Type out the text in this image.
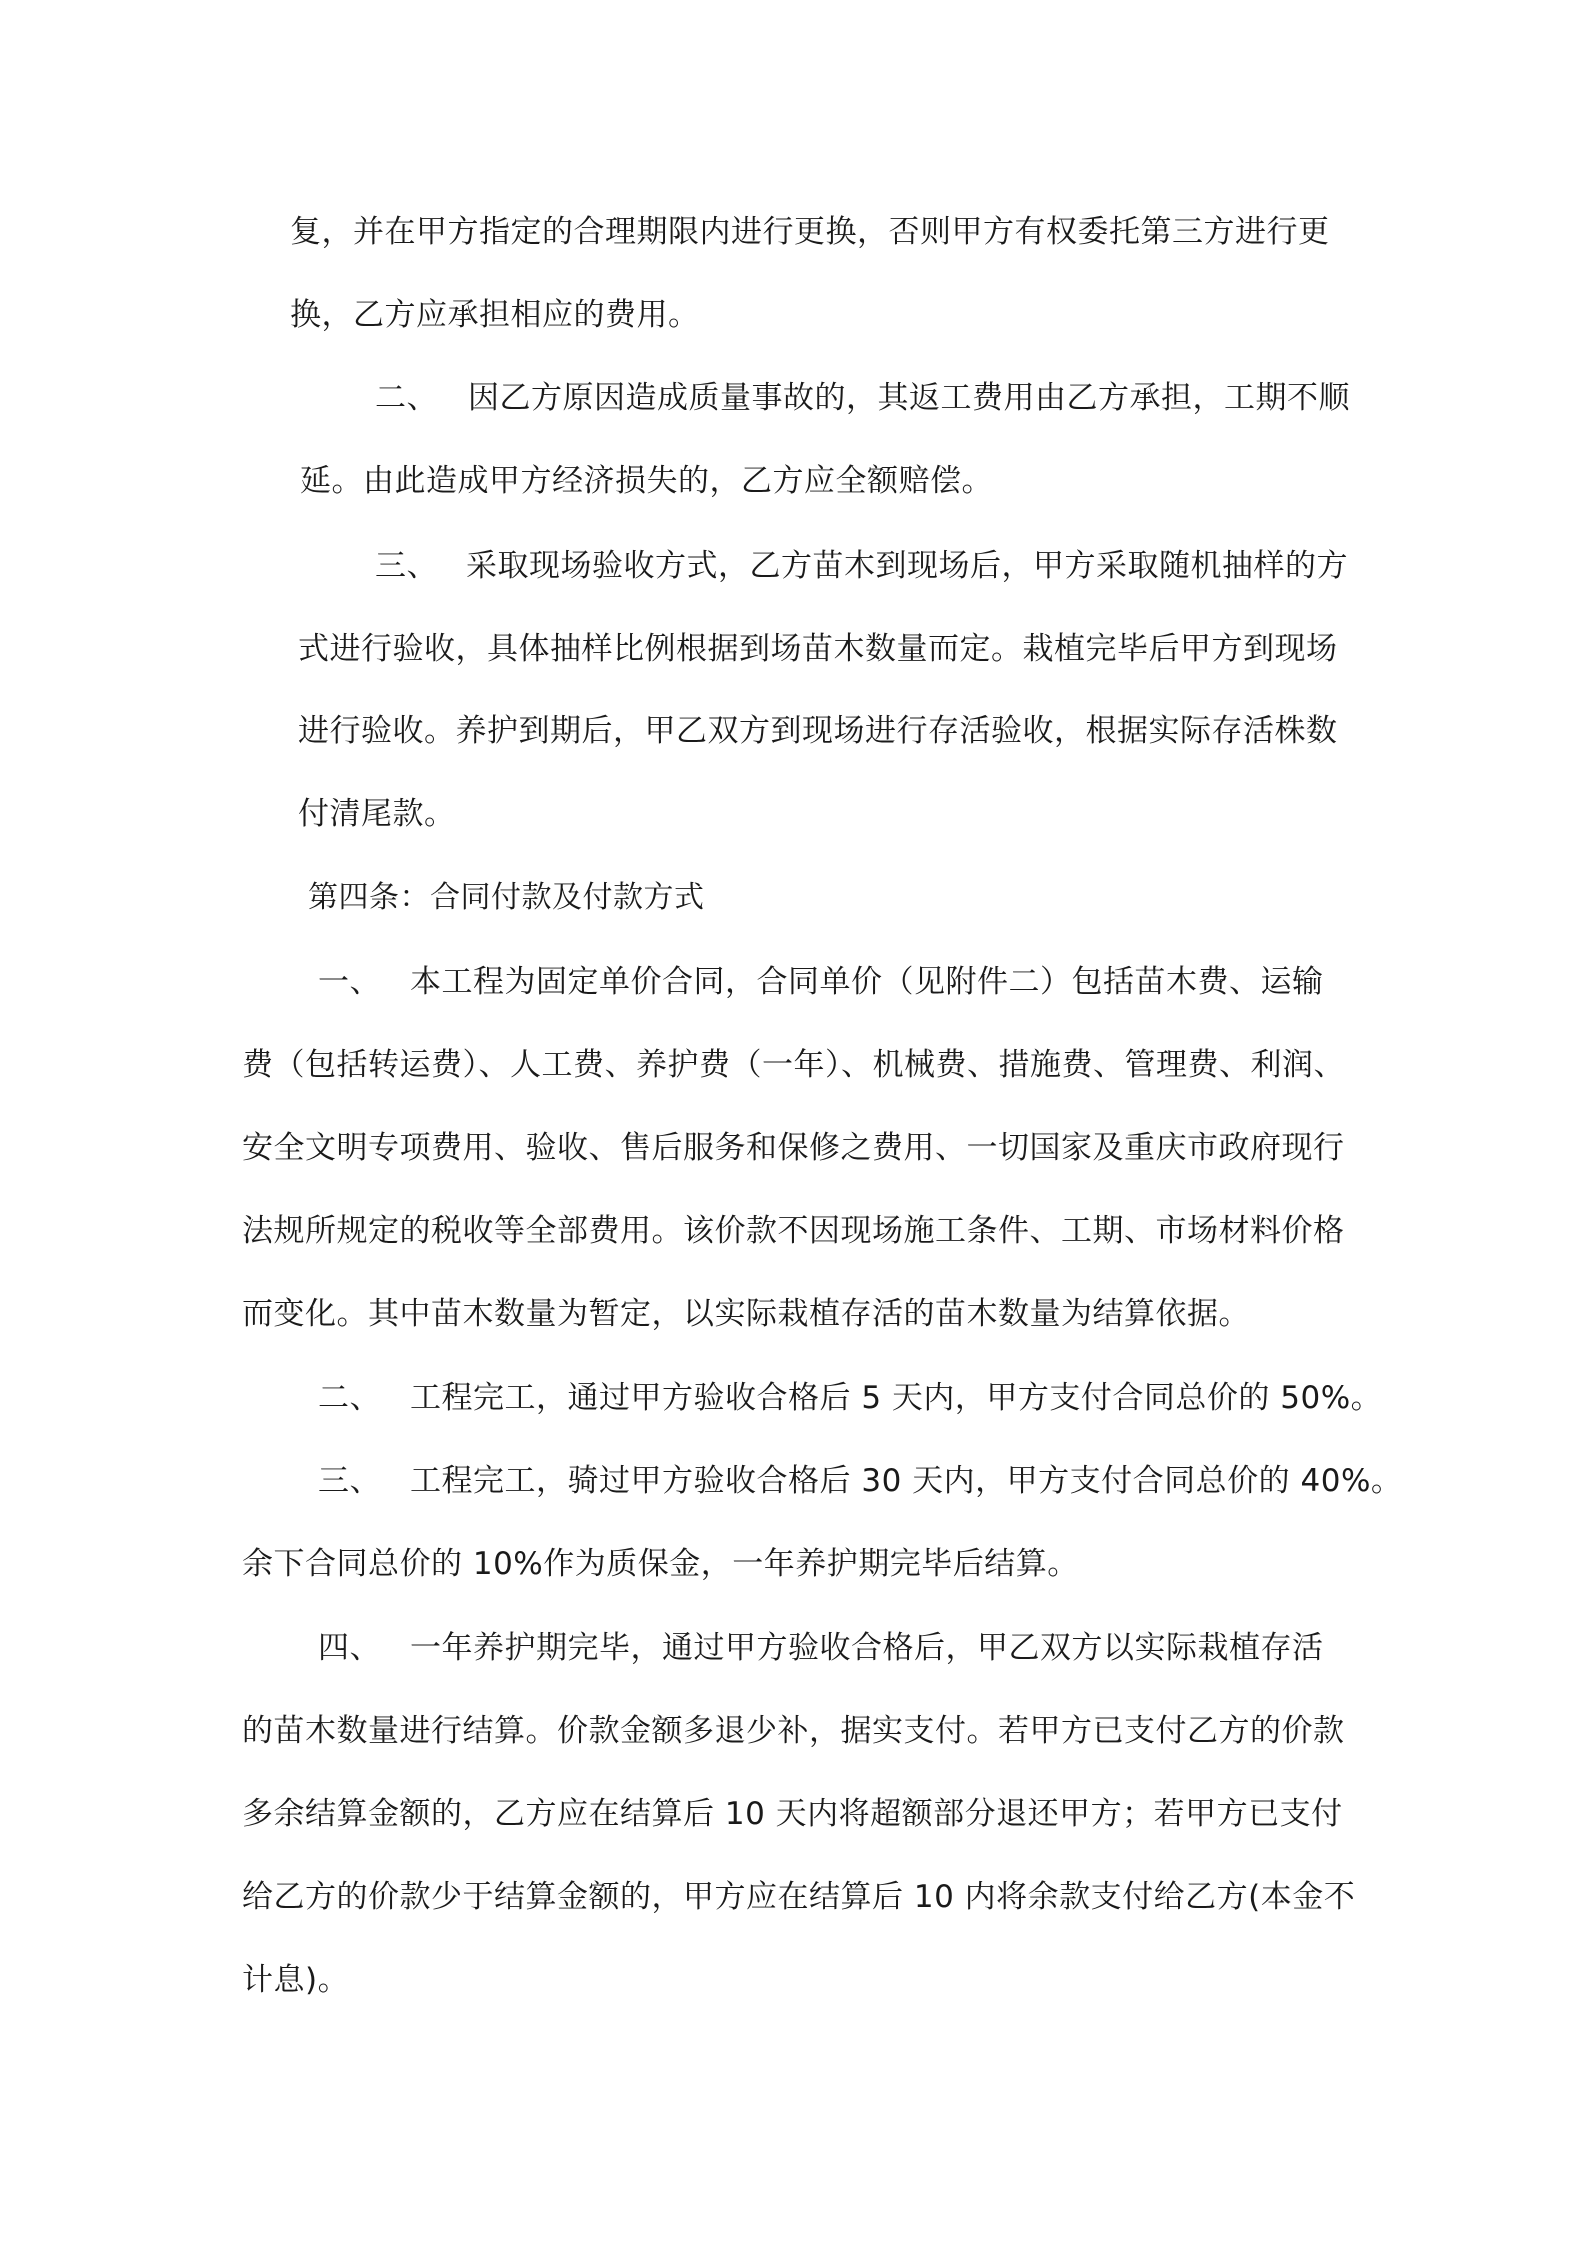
复，并在甲方指定的合理期限内进行更换，否则甲方有权委托第三方进行更
换，乙方应承担相应的费用。
二、 因乙方原因造成质量事故的，其返工费用由乙方承担，工期不顺
延。由此造成甲方经济损失的，乙方应全额赔偿。
三、 采取现场验收方式，乙方苗木到现场后，甲方采取随机抽样的方
式进行验收，具体抽样比例根据到场苗木数量而定。栽植完毕后甲方到现场
进行验收。养护到期后，甲乙双方到现场进行存活验收，根据实际存活株数
付清尾款。
第四条：合同付款及付款方式
一、 本工程为固定单价合同，合同单价（见附件二）包括苗木费、运输
费（包括转运费）、人工费、养护费（一年）、机械费、措施费、管理费、利润、
安全文明专项费用、验收、售后服务和保修之费用、一切国家及重庆市政府现行
法规所规定的税收等全部费用。该价款不因现场施工条件、工期、市场材料价格
而变化。其中苗木数量为暂定，以实际栽植存活的苗木数量为结算依据。
二、 工程完工，通过甲方验收合格后 5 天内，甲方支付合同总价的 50%。
三、 工程完工，骑过甲方验收合格后 30 天内，甲方支付合同总价的 40%。
余下合同总价的 10%作为质保金，一年养护期完毕后结算。
四、 一年养护期完毕，通过甲方验收合格后，甲乙双方以实际栽植存活
的苗木数量进行结算。价款金额多退少补，据实支付。若甲方已支付乙方的价款
多余结算金额的，乙方应在结算后 10 天内将超额部分退还甲方；若甲方已支付
给乙方的价款少于结算金额的，甲方应在结算后 10 内将余款支付给乙方(本金不
计息)。
